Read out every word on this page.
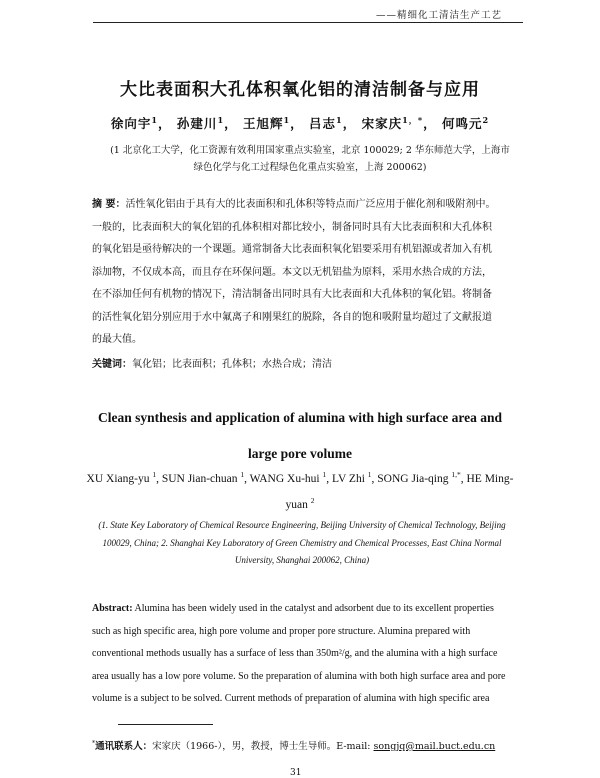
——精细化工清洁生产工艺
大比表面积大孔体积氧化铝的清洁制备与应用
徐向宇$^1$， 孙建川$^1$， 王旭辉$^1$， 吕志$^1$， 宋家庆$^{1,*}$， 何鸣元$^2$
(1 北京化工大学，化工资源有效利用国家重点实验室，北京 100029; 2 华东师范大学，上海市
绿色化学与化工过程绿色化重点实验室，上海 200062)
摘 要：活性氧化铝由于具有大的比表面积和孔体积等特点而广泛应用于催化剂和吸附剂中。
一般的，比表面积大的氧化铝的孔体积相对都比较小，制备同时具有大比表面积和大孔体积
的氧化铝是亟待解决的一个课题。通常制备大比表面积氧化铝要采用有机铝源或者加入有机
添加物，不仅成本高，而且存在环保问题。本文以无机铝盐为原料，采用水热合成的方法，
在不添加任何有机物的情况下，清洁制备出同时具有大比表面和大孔体积的氧化铝。将制备
的活性氧化铝分别应用于水中氟离子和刚果红的脱除，各自的饱和吸附量均超过了文献报道
的最大值。
关键词：氧化铝；比表面积；孔体积；水热合成；清洁
Clean synthesis and application of alumina with high surface area and
large pore volume
XU Xiang-yu $^1$, SUN Jian-chuan $^1$, WANG Xu-hui $^1$, LV Zhi $^1$, SONG Jia-qing $^{1,*}$, HE Ming-yuan $^2$
(1. State Key Laboratory of Chemical Resource Engineering, Beijing University of Chemical Technology, Beijing
100029, China; 2. Shanghai Key Laboratory of Green Chemistry and Chemical Processes, East China Normal
University, Shanghai 200062, China)
Abstract: Alumina has been widely used in the catalyst and adsorbent due to its excellent properties
such as high specific area, high pore volume and proper pore structure. Alumina prepared with
conventional methods usually has a surface of less than 350m²/g, and the alumina with a high surface
area usually has a low pore volume. So the preparation of alumina with both high surface area and pore
volume is a subject to be solved. Current methods of preparation of alumina with high specific area
*通讯联系人：宋家庆（1966-），男，教授，博士生导师。E-mail: songjq@mail.buct.edu.cn
31
